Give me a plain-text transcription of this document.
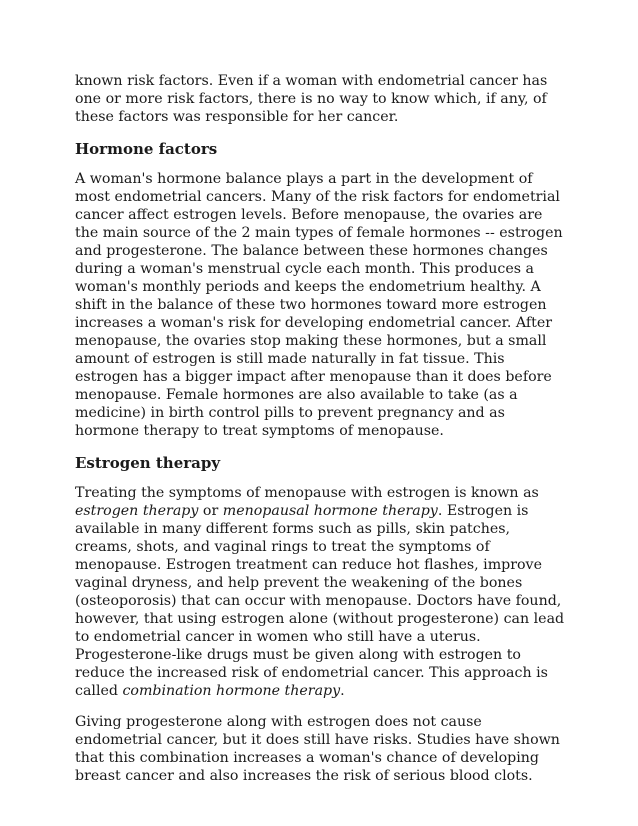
known risk factors. Even if a woman with endometrial cancer has one or more risk factors, there is no way to know which, if any, of these factors was responsible for her cancer.

Hormone factors

A woman's hormone balance plays a part in the development of most endometrial cancers. Many of the risk factors for endometrial cancer affect estrogen levels. Before menopause, the ovaries are the main source of the 2 main types of female hormones -- estrogen and progesterone. The balance between these hormones changes during a woman's menstrual cycle each month. This produces a woman's monthly periods and keeps the endometrium healthy. A shift in the balance of these two hormones toward more estrogen increases a woman's risk for developing endometrial cancer. After menopause, the ovaries stop making these hormones, but a small amount of estrogen is still made naturally in fat tissue. This estrogen has a bigger impact after menopause than it does before menopause. Female hormones are also available to take (as a medicine) in birth control pills to prevent pregnancy and as hormone therapy to treat symptoms of menopause.

Estrogen therapy

Treating the symptoms of menopause with estrogen is known as estrogen therapy or menopausal hormone therapy. Estrogen is available in many different forms such as pills, skin patches, creams, shots, and vaginal rings to treat the symptoms of menopause. Estrogen treatment can reduce hot flashes, improve vaginal dryness, and help prevent the weakening of the bones (osteoporosis) that can occur with menopause. Doctors have found, however, that using estrogen alone (without progesterone) can lead to endometrial cancer in women who still have a uterus. Progesterone-like drugs must be given along with estrogen to reduce the increased risk of endometrial cancer. This approach is called combination hormone therapy.

Giving progesterone along with estrogen does not cause endometrial cancer, but it does still have risks. Studies have shown that this combination increases a woman's chance of developing breast cancer and also increases the risk of serious blood clots.
